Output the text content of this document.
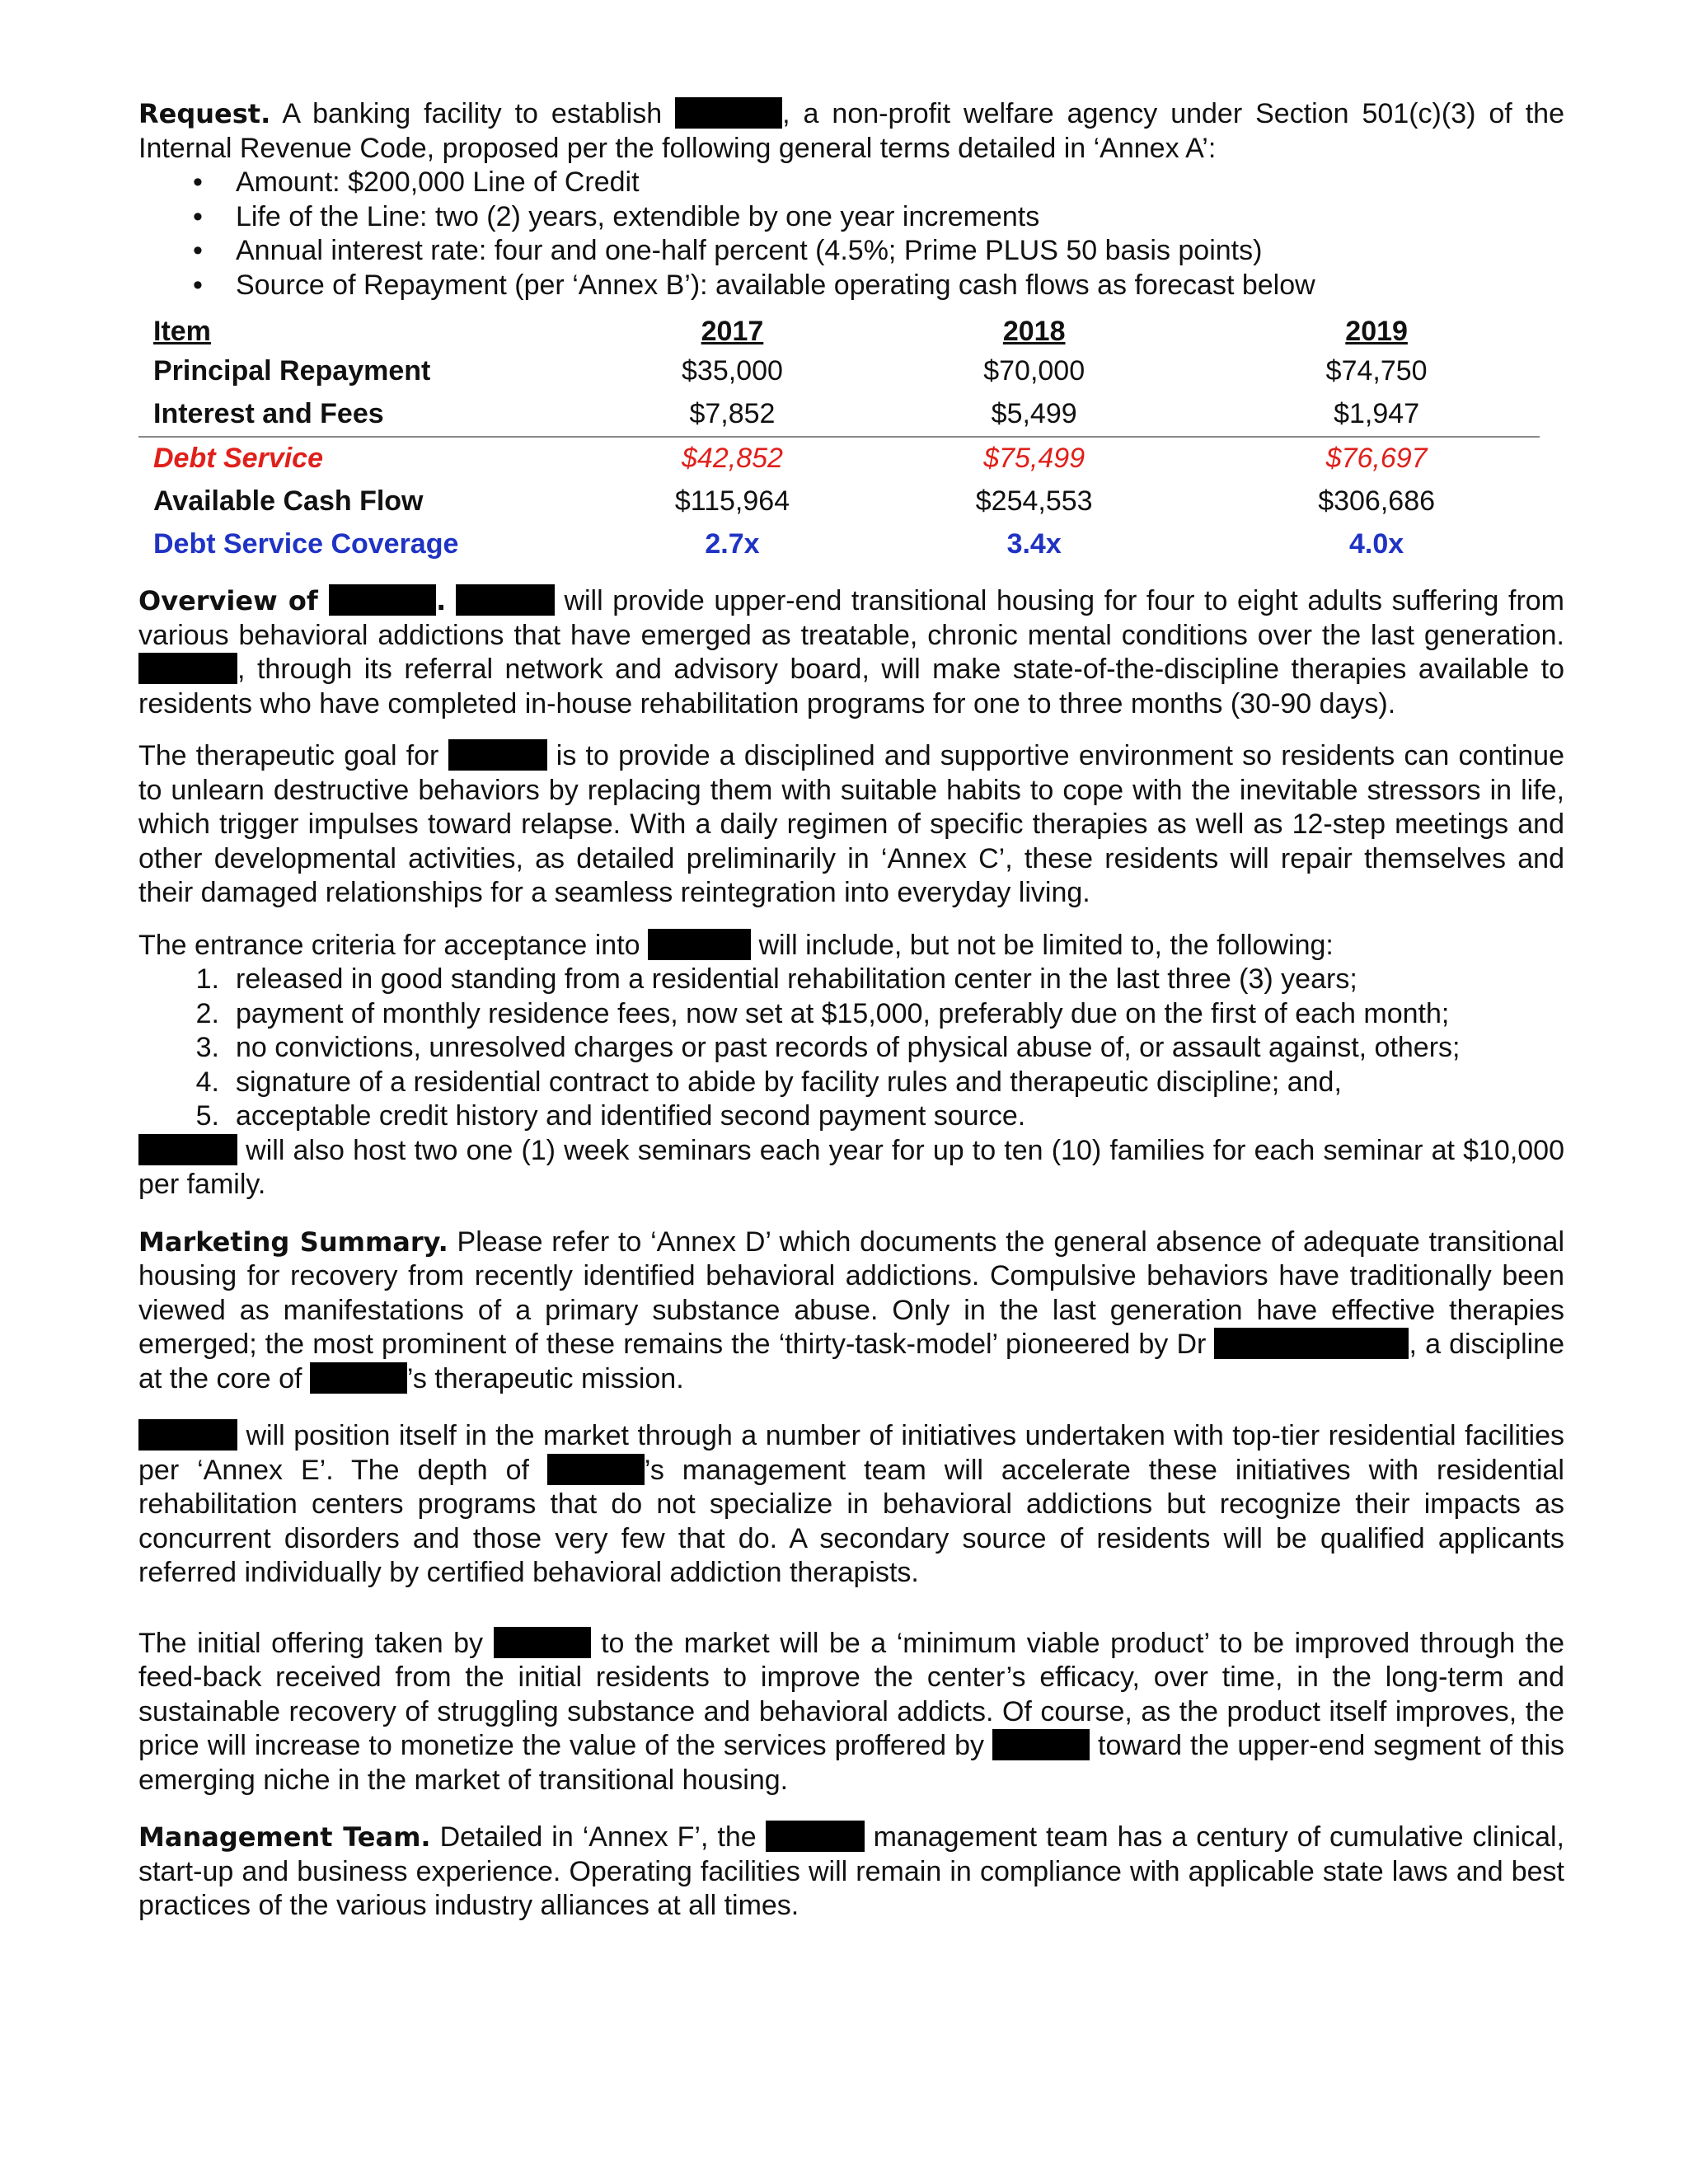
Request. A banking facility to establish	, a non-profit welfare agency under Section 501(c)(3) of the Internal Revenue Code, proposed per the following general terms detailed in ‘Annex A’:

• Amount: $200,000 Line of Credit
• Life of the Line: two (2) years, extendible by one year increments
• Annual interest rate: four and one-half percent (4.5%; Prime PLUS 50 basis points)
• Source of Repayment (per ‘Annex B’): available operating cash flows as forecast below
Item	2017	2018	2019
Principal Repayment	$35,000	$70,000	$74,750
Interest and Fees	$7,852	$5,499	$1,947
Debt Service	$42,852	$75,499	$76,697
Available Cash Flow	$115,964	$254,553	$306,686
Debt Service Coverage	2.7x	3.4x	4.0x

Overview of	.	will provide upper-end transitional housing for four to eight adults suffering from various behavioral addictions that have emerged as treatable, chronic mental conditions over the last generation. , through its referral network and advisory board, will make state-of-the-discipline therapies available to residents who have completed in-house rehabilitation programs for one to three months (30-90 days).

The therapeutic goal for	is to provide a disciplined and supportive environment so residents can continue to unlearn destructive behaviors by replacing them with suitable habits to cope with the inevitable stressors in life, which trigger impulses toward relapse. With a daily regimen of specific therapies as well as 12-step meetings and other developmental activities, as detailed preliminarily in ‘Annex C’, these residents will repair themselves and their damaged relationships for a seamless reintegration into everyday living.

The entrance criteria for acceptance into	will include, but not be limited to, the following:

1. released in good standing from a residential rehabilitation center in the last three (3) years;
2. payment of monthly residence fees, now set at $15,000, preferably due on the first of each month;
3. no convictions, unresolved charges or past records of physical abuse of, or assault against, others;
4. signature of a residential contract to abide by facility rules and therapeutic discipline; and,
5. acceptable credit history and identified second payment source.

will also host two one (1) week seminars each year for up to ten (10) families for each seminar at $10,000 per family.

Marketing Summary. Please refer to ‘Annex D’ which documents the general absence of adequate transitional housing for recovery from recently identified behavioral addictions. Compulsive behaviors have traditionally been viewed as manifestations of a primary substance abuse. Only in the last generation have effective therapies emerged; the most prominent of these remains the ‘thirty-task-model’ pioneered by Dr	, a discipline at the core of	’s therapeutic mission.

will position itself in the market through a number of initiatives undertaken with top-tier residential facilities per ‘Annex E’. The depth of	’s management team will accelerate these initiatives with residential rehabilitation centers programs that do not specialize in behavioral addictions but recognize their impacts as concurrent disorders and those very few that do. A secondary source of residents will be qualified applicants referred individually by certified behavioral addiction therapists.

The initial offering taken by	to the market will be a ‘minimum viable product’ to be improved through the feed-back received from the initial residents to improve the center’s efficacy, over time, in the long-term and sustainable recovery of struggling substance and behavioral addicts. Of course, as the product itself improves, the price will increase to monetize the value of the services proffered by	toward the upper-end segment of this emerging niche in the market of transitional housing.

Management Team. Detailed in ‘Annex F’, the	management team has a century of cumulative clinical, start-up and business experience. Operating facilities will remain in compliance with applicable state laws and best practices of the various industry alliances at all times.
